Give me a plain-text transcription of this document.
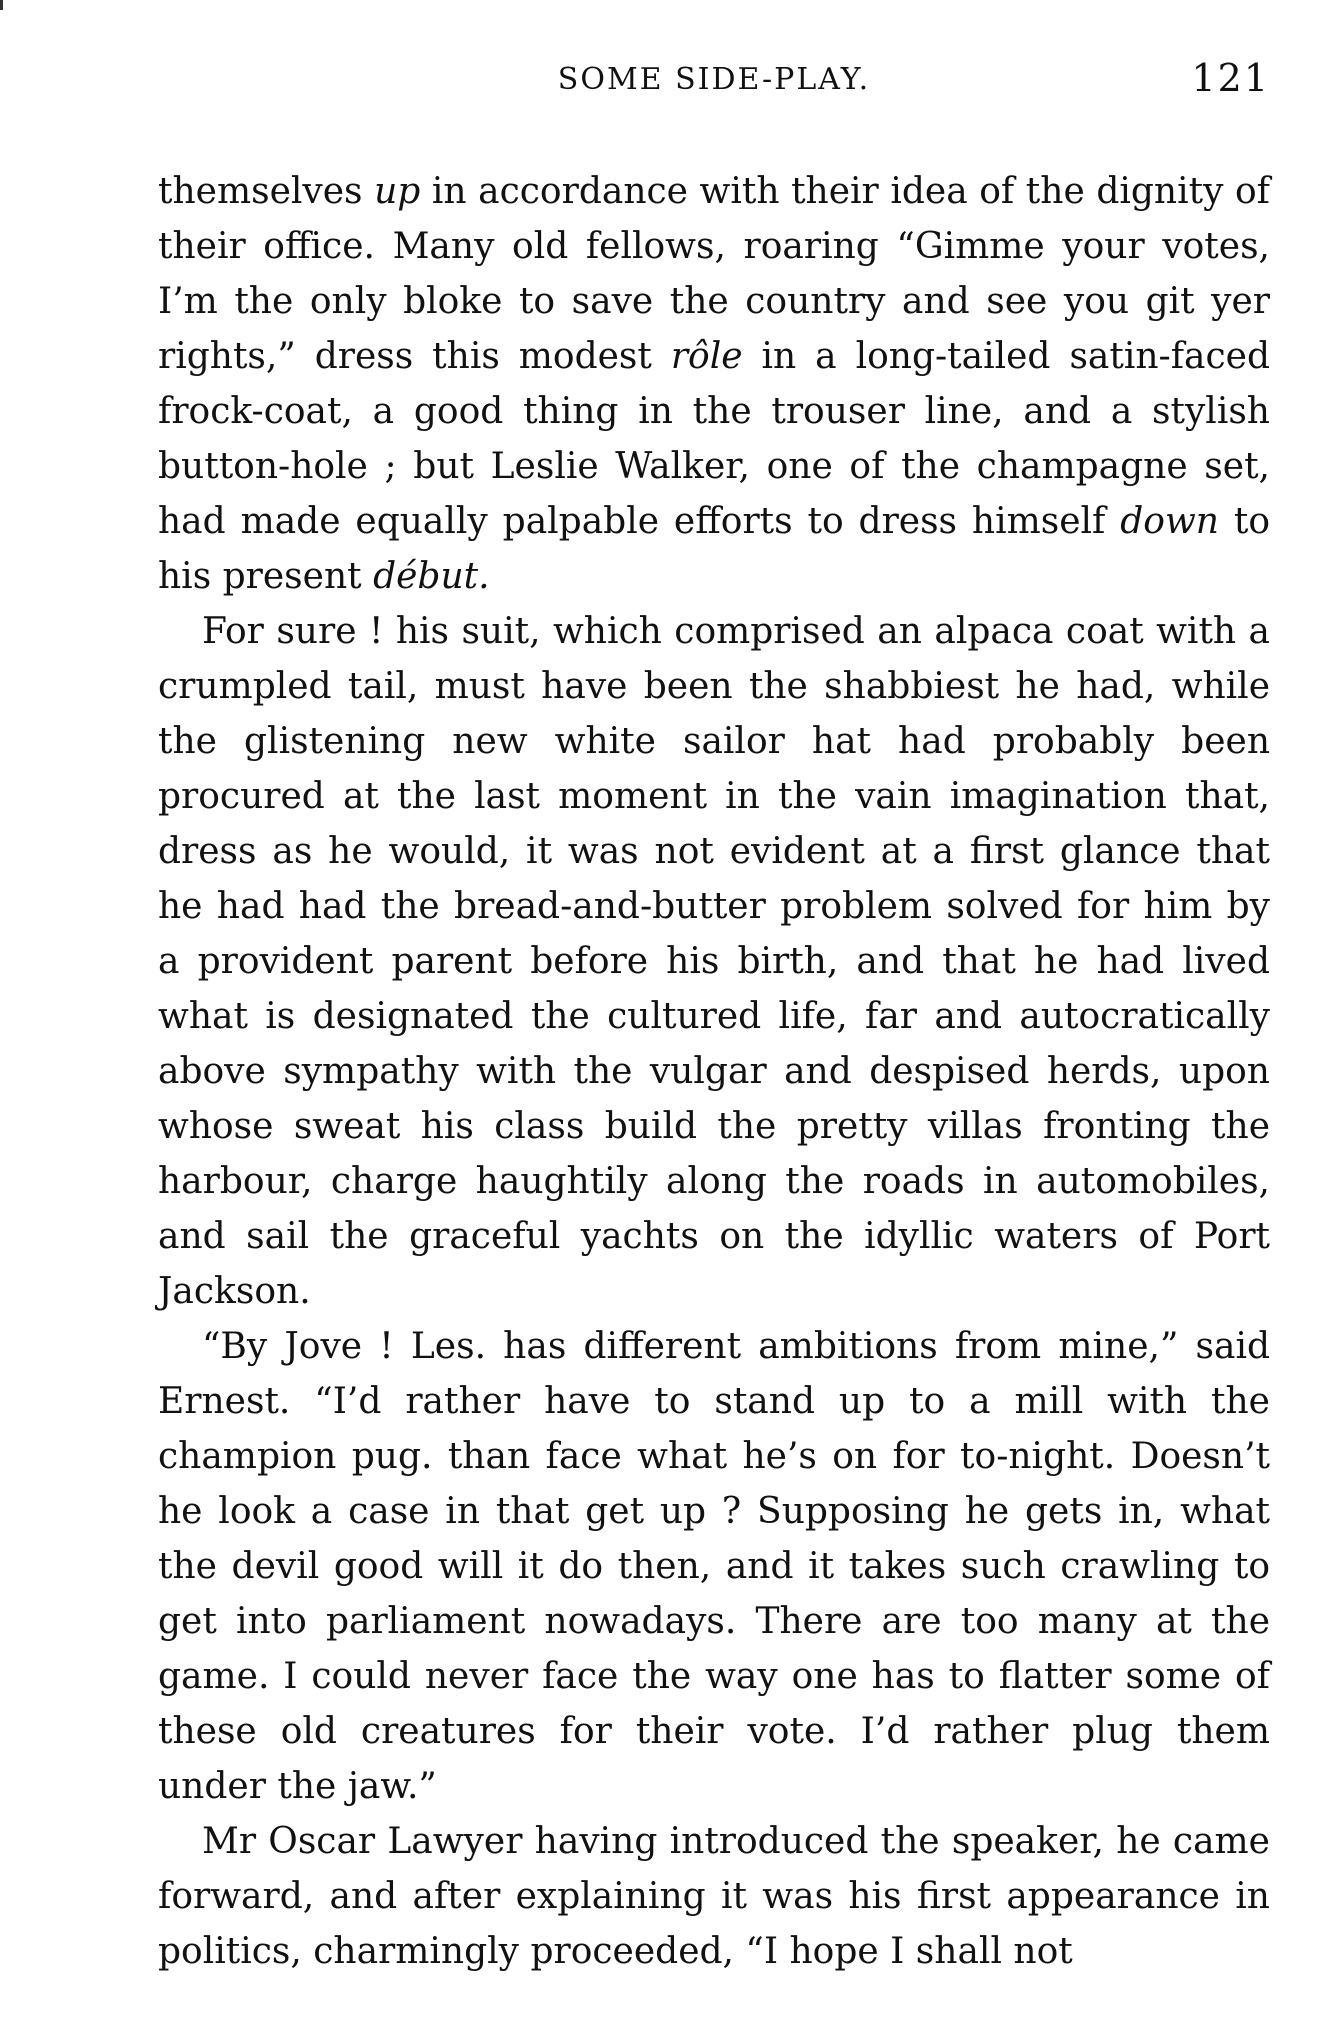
SOME SIDE-PLAY.	121

themselves up in accordance with their idea of the dignity of their office. Many old fellows, roaring “Gimme your votes, I’m the only bloke to save the country and see you git yer rights,” dress this modest rôle in a long-tailed satin-faced frock-coat, a good thing in the trouser line, and a stylish button-hole ; but Leslie Walker, one of the champagne set, had made equally palpable efforts to dress himself down to his present début.

For sure ! his suit, which comprised an alpaca coat with a crumpled tail, must have been the shabbiest he had, while the glistening new white sailor hat had probably been procured at the last moment in the vain imagination that, dress as he would, it was not evident at a first glance that he had had the bread-and-butter problem solved for him by a provident parent before his birth, and that he had lived what is designated the cultured life, far and autocratically above sympathy with the vulgar and despised herds, upon whose sweat his class build the pretty villas fronting the harbour, charge haughtily along the roads in automobiles, and sail the graceful yachts on the idyllic waters of Port Jackson.

“By Jove ! Les. has different ambitions from mine,” said Ernest. “I’d rather have to stand up to a mill with the champion pug. than face what he’s on for to-night. Doesn’t he look a case in that get up ? Supposing he gets in, what the devil good will it do then, and it takes such crawling to get into parliament nowadays. There are too many at the game. I could never face the way one has to flatter some of these old creatures for their vote. I’d rather plug them under the jaw.”

Mr Oscar Lawyer having introduced the speaker, he came forward, and after explaining it was his first appearance in politics, charmingly proceeded, “I hope I shall not
